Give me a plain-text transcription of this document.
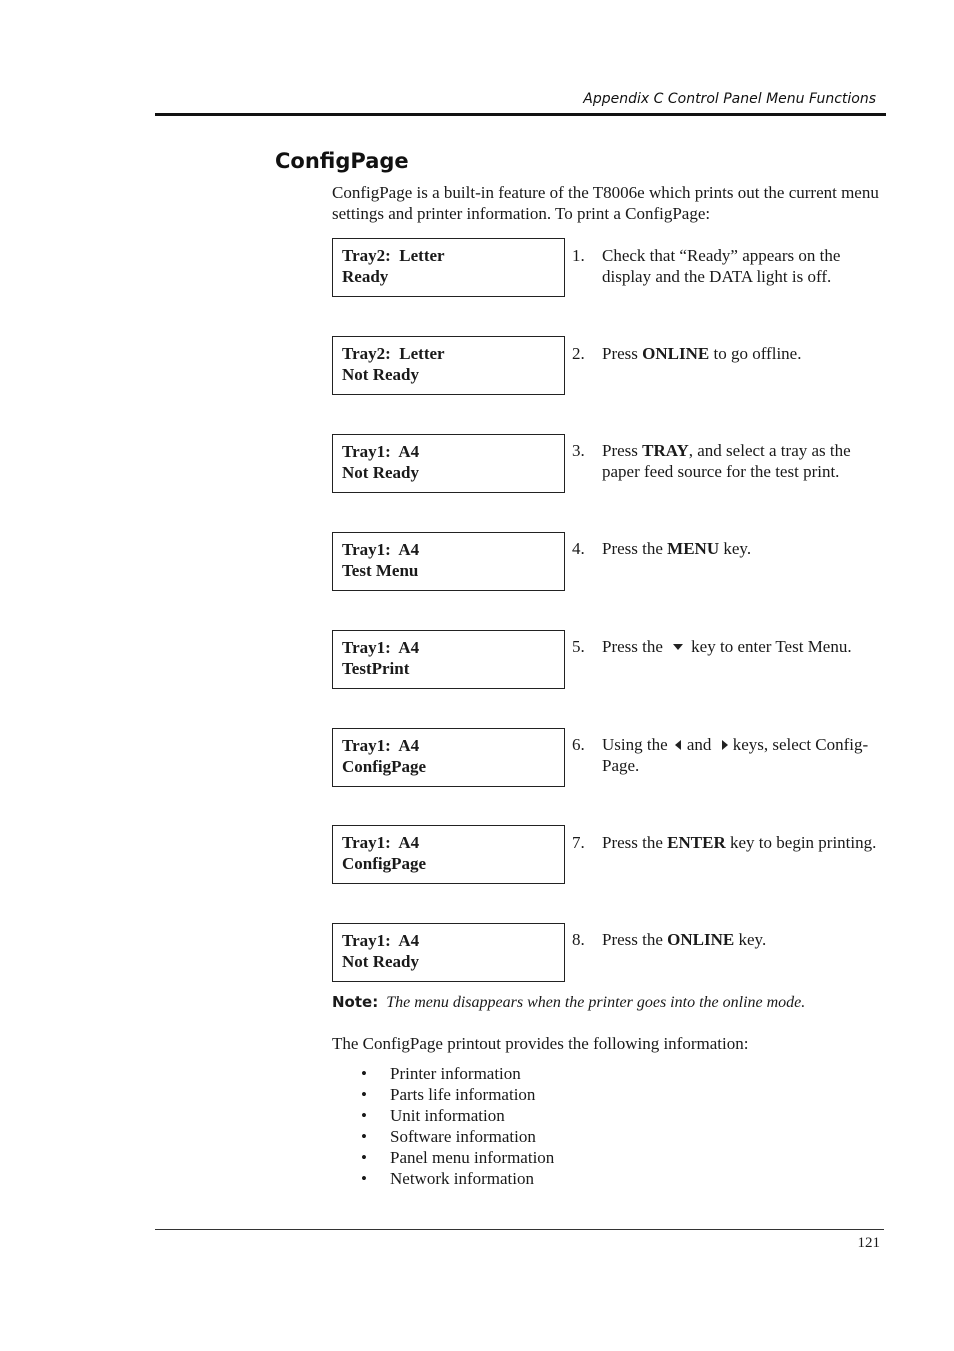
Appendix C Control Panel Menu Functions
ConfigPage
ConfigPage is a built-in feature of the T8006e which prints out the current menu settings and printer information. To print a ConfigPage:
Tray2:  Letter
Ready
1. Check that “Ready” appears on the display and the DATA light is off.
Tray2:  Letter
Not Ready
2. Press ONLINE to go offline.
Tray1:  A4
Not Ready
3. Press TRAY, and select a tray as the paper feed source for the test print.
Tray1:  A4
Test Menu
4. Press the MENU key.
Tray1:  A4
TestPrint
5. Press the key to enter Test Menu.
Tray1:  A4
ConfigPage
6. Using the and keys, select Config-Page.
Tray1:  A4
ConfigPage
7. Press the ENTER key to begin printing.
Tray1:  A4
Not Ready
8. Press the ONLINE key.
Note: The menu disappears when the printer goes into the online mode.
The ConfigPage printout provides the following information:
• Printer information
• Parts life information
• Unit information
• Software information
• Panel menu information
• Network information
121
